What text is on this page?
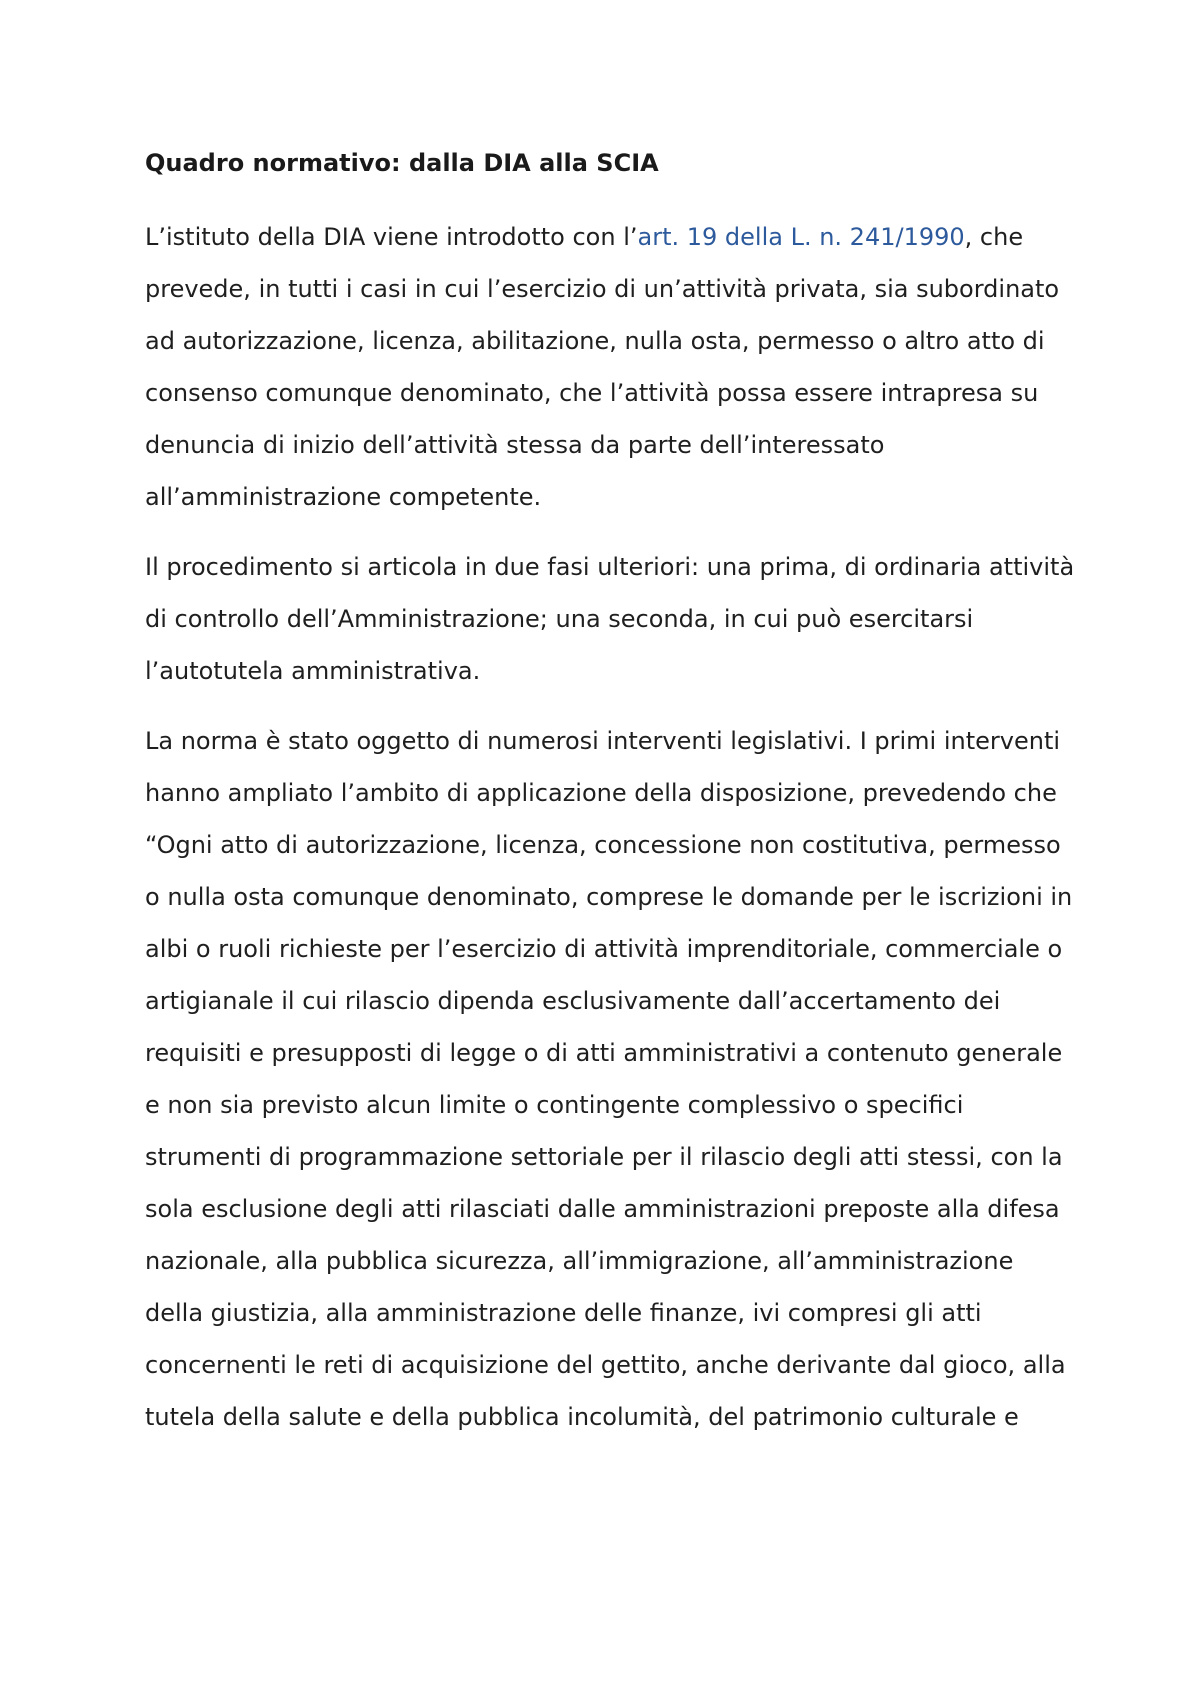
Quadro normativo: dalla DIA alla SCIA

L’istituto della DIA viene introdotto con l’art. 19 della L. n. 241/1990, che prevede, in tutti i casi in cui l’esercizio di un’attività privata, sia subordinato ad autorizzazione, licenza, abilitazione, nulla osta, permesso o altro atto di consenso comunque denominato, che l’attività possa essere intrapresa su denuncia di inizio dell’attività stessa da parte dell’interessato all’amministrazione competente.

Il procedimento si articola in due fasi ulteriori: una prima, di ordinaria attività di controllo dell’Amministrazione; una seconda, in cui può esercitarsi l’autotutela amministrativa.

La norma è stato oggetto di numerosi interventi legislativi. I primi interventi hanno ampliato l’ambito di applicazione della disposizione, prevedendo che “Ogni atto di autorizzazione, licenza, concessione non costitutiva, permesso o nulla osta comunque denominato, comprese le domande per le iscrizioni in albi o ruoli richieste per l’esercizio di attività imprenditoriale, commerciale o artigianale il cui rilascio dipenda esclusivamente dall’accertamento dei requisiti e presupposti di legge o di atti amministrativi a contenuto generale e non sia previsto alcun limite o contingente complessivo o specifici strumenti di programmazione settoriale per il rilascio degli atti stessi, con la sola esclusione degli atti rilasciati dalle amministrazioni preposte alla difesa nazionale, alla pubblica sicurezza, all’immigrazione, all’amministrazione della giustizia, alla amministrazione delle finanze, ivi compresi gli atti concernenti le reti di acquisizione del gettito, anche derivante dal gioco, alla tutela della salute e della pubblica incolumità, del patrimonio culturale e
